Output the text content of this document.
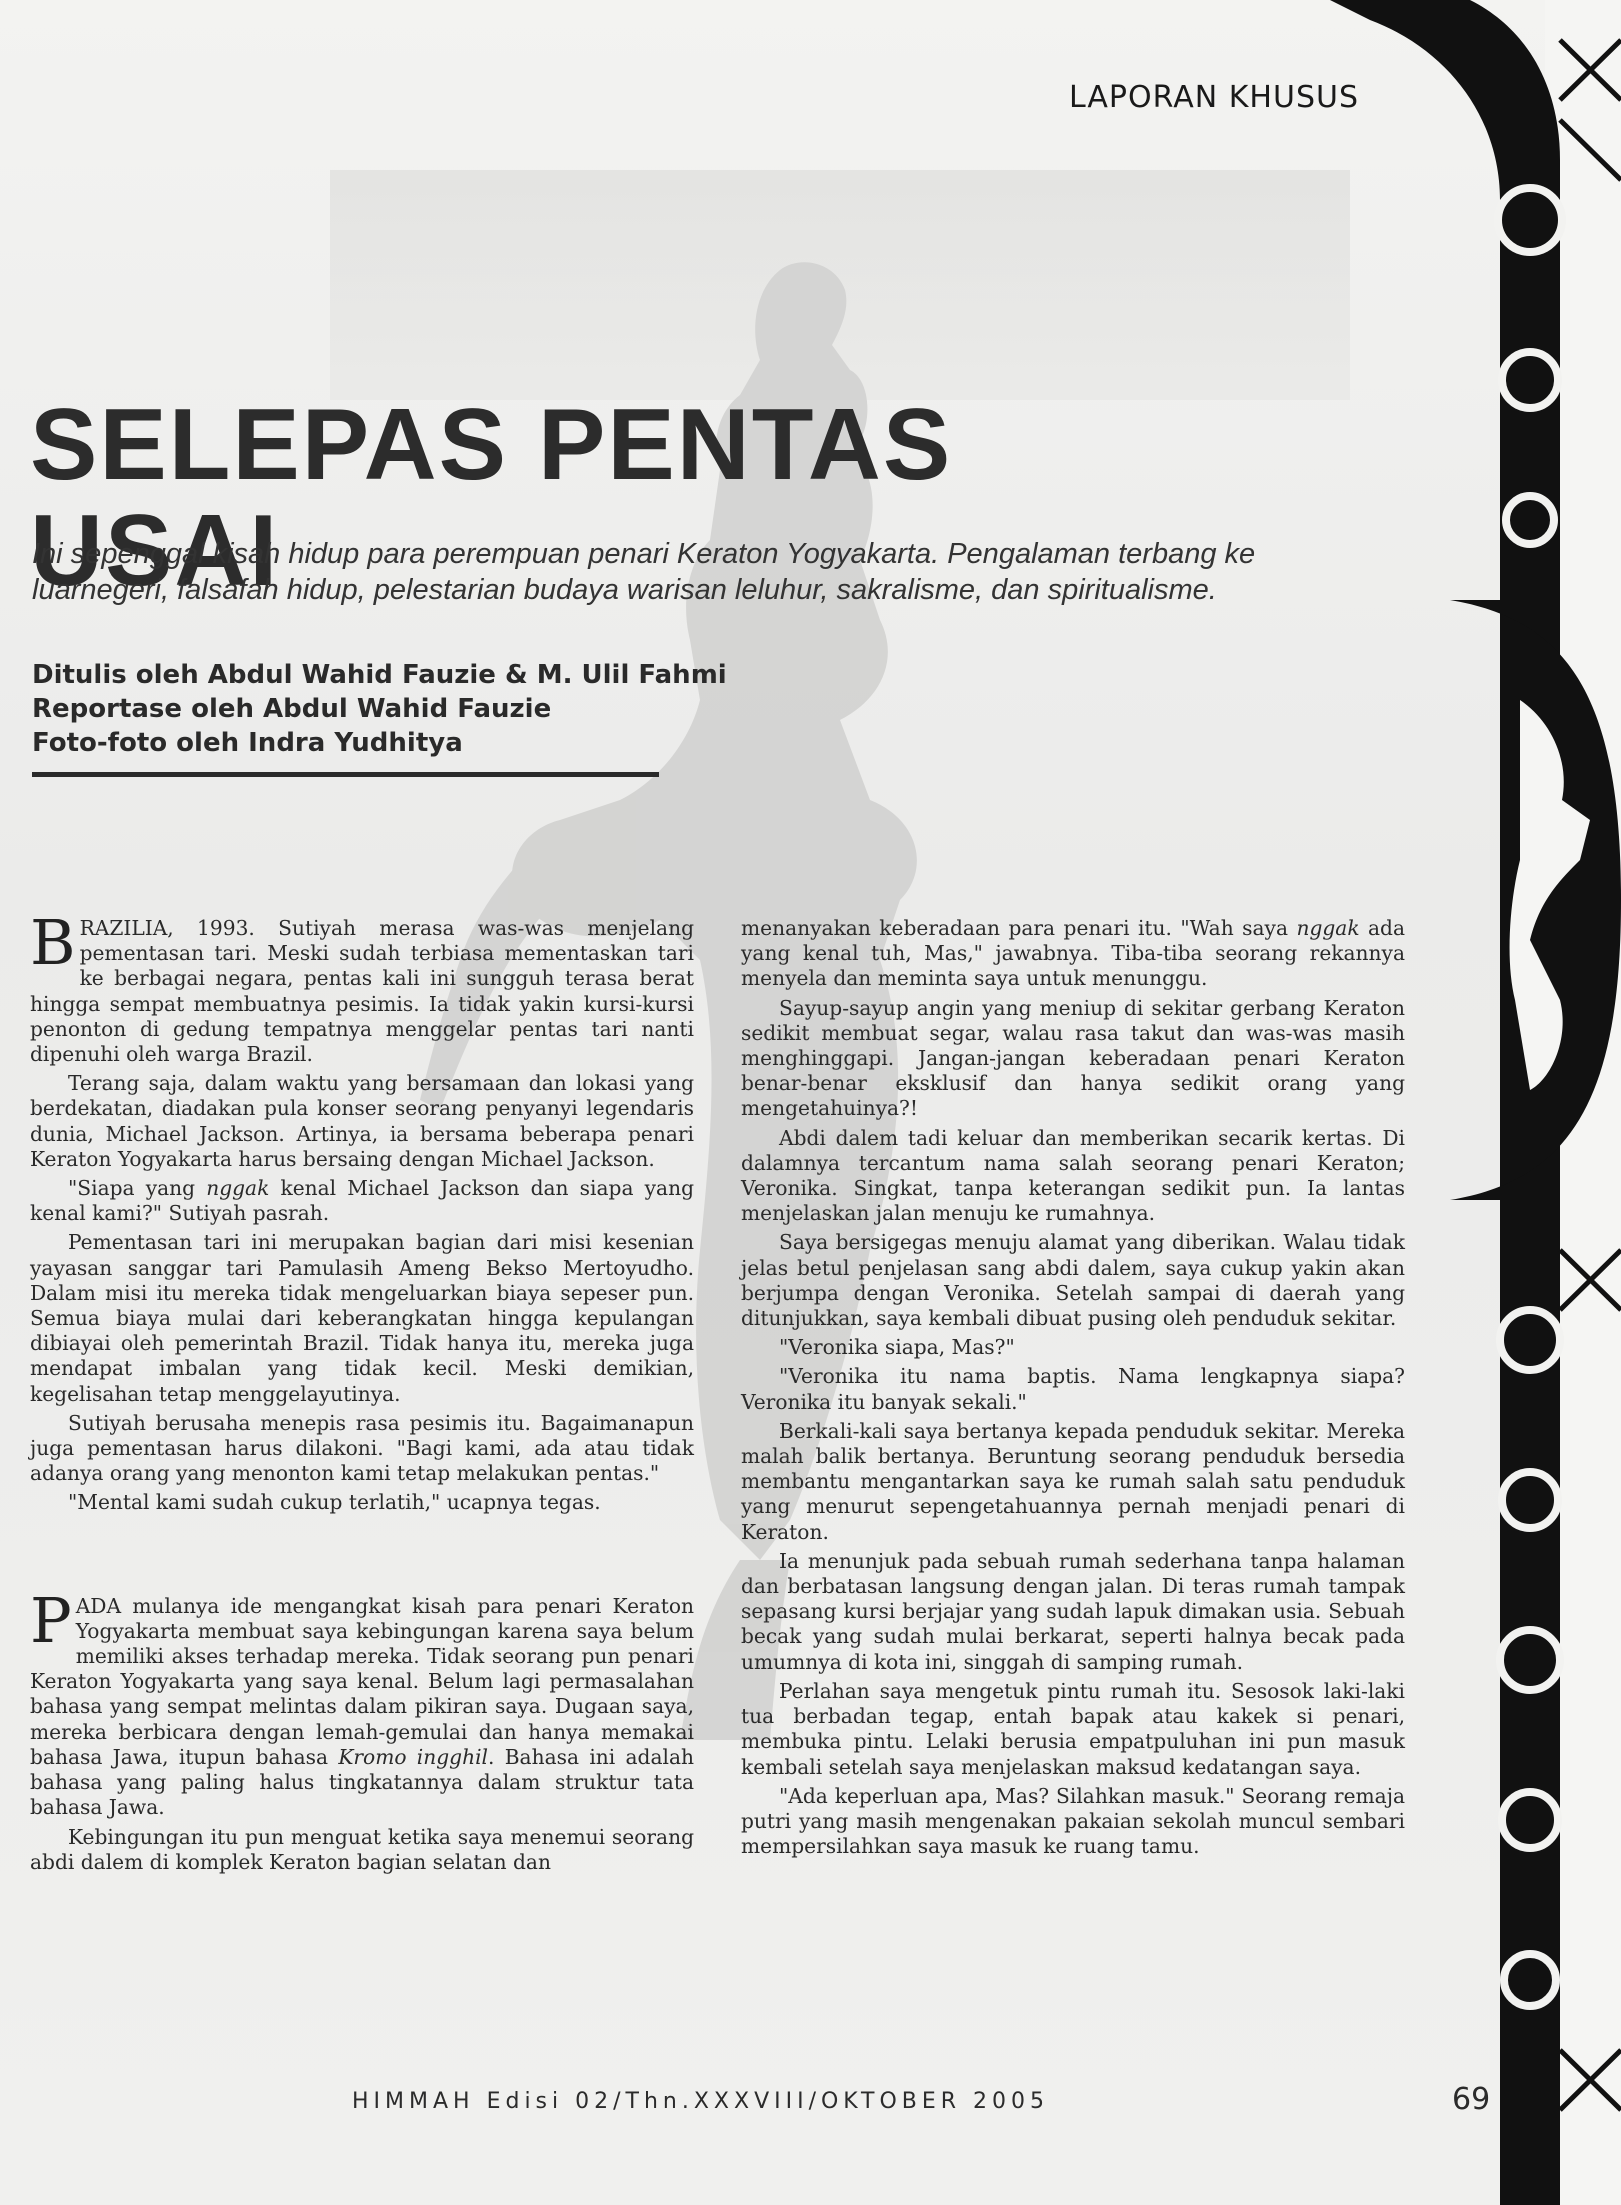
LAPORAN KHUSUS
SELEPAS PENTAS USAI
Ini sepenggal kisah hidup para perempuan penari Keraton Yogyakarta. Pengalaman terbang ke luarnegeri, falsafah hidup, pelestarian budaya warisan leluhur, sakralisme, dan spiritualisme.
Ditulis oleh Abdul Wahid Fauzie & M. Ulil Fahmi
Reportase oleh Abdul Wahid Fauzie
Foto-foto oleh Indra Yudhitya

BRAZILIA, 1993. Sutiyah merasa was-was menjelang pementasan tari. Meski sudah terbiasa mementaskan tari ke berbagai negara, pentas kali ini sungguh terasa berat hingga sempat membuatnya pesimis. Ia tidak yakin kursi-kursi penonton di gedung tempatnya menggelar pentas tari nanti dipenuhi oleh warga Brazil.

Terang saja, dalam waktu yang bersamaan dan lokasi yang berdekatan, diadakan pula konser seorang penyanyi legendaris dunia, Michael Jackson. Artinya, ia bersama beberapa penari Keraton Yogyakarta harus bersaing dengan Michael Jackson.

"Siapa yang nggak kenal Michael Jackson dan siapa yang kenal kami?" Sutiyah pasrah.

Pementasan tari ini merupakan bagian dari misi kesenian yayasan sanggar tari Pamulasih Ameng Bekso Mertoyudho. Dalam misi itu mereka tidak mengeluarkan biaya sepeser pun. Semua biaya mulai dari keberangkatan hingga kepulangan dibiayai oleh pemerintah Brazil. Tidak hanya itu, mereka juga mendapat imbalan yang tidak kecil. Meski demikian, kegelisahan tetap menggelayutinya.

Sutiyah berusaha menepis rasa pesimis itu. Bagaimanapun juga pementasan harus dilakoni. "Bagi kami, ada atau tidak adanya orang yang menonton kami tetap melakukan pentas."

"Mental kami sudah cukup terlatih," ucapnya tegas.

PADA mulanya ide mengangkat kisah para penari Keraton Yogyakarta membuat saya kebingungan karena saya belum memiliki akses terhadap mereka. Tidak seorang pun penari Keraton Yogyakarta yang saya kenal. Belum lagi permasalahan bahasa yang sempat melintas dalam pikiran saya. Dugaan saya, mereka berbicara dengan lemah-gemulai dan hanya memakai bahasa Jawa, itupun bahasa Kromo ingghil. Bahasa ini adalah bahasa yang paling halus tingkatannya dalam struktur tata bahasa Jawa.

Kebingungan itu pun menguat ketika saya menemui seorang abdi dalem di komplek Keraton bagian selatan dan

menanyakan keberadaan para penari itu. "Wah saya nggak ada yang kenal tuh, Mas," jawabnya. Tiba-tiba seorang rekannya menyela dan meminta saya untuk menunggu.

Sayup-sayup angin yang meniup di sekitar gerbang Keraton sedikit membuat segar, walau rasa takut dan was-was masih menghinggapi. Jangan-jangan keberadaan penari Keraton benar-benar eksklusif dan hanya sedikit orang yang mengetahuinya?!

Abdi dalem tadi keluar dan memberikan secarik kertas. Di dalamnya tercantum nama salah seorang penari Keraton; Veronika. Singkat, tanpa keterangan sedikit pun. Ia lantas menjelaskan jalan menuju ke rumahnya.

Saya bersigegas menuju alamat yang diberikan. Walau tidak jelas betul penjelasan sang abdi dalem, saya cukup yakin akan berjumpa dengan Veronika. Setelah sampai di daerah yang ditunjukkan, saya kembali dibuat pusing oleh penduduk sekitar.

"Veronika siapa, Mas?"

"Veronika itu nama baptis. Nama lengkapnya siapa? Veronika itu banyak sekali."

Berkali-kali saya bertanya kepada penduduk sekitar. Mereka malah balik bertanya. Beruntung seorang penduduk bersedia membantu mengantarkan saya ke rumah salah satu penduduk yang menurut sepengetahuannya pernah menjadi penari di Keraton.

Ia menunjuk pada sebuah rumah sederhana tanpa halaman dan berbatasan langsung dengan jalan. Di teras rumah tampak sepasang kursi berjajar yang sudah lapuk dimakan usia. Sebuah becak yang sudah mulai berkarat, seperti halnya becak pada umumnya di kota ini, singgah di samping rumah.

Perlahan saya mengetuk pintu rumah itu. Sesosok laki-laki tua berbadan tegap, entah bapak atau kakek si penari, membuka pintu. Lelaki berusia empatpuluhan ini pun masuk kembali setelah saya menjelaskan maksud kedatangan saya.

"Ada keperluan apa, Mas? Silahkan masuk." Seorang remaja putri yang masih mengenakan pakaian sekolah muncul sembari mempersilahkan saya masuk ke ruang tamu.

HIMMAH Edisi 02/Thn.XXXVIII/OKTOBER 2005	69
